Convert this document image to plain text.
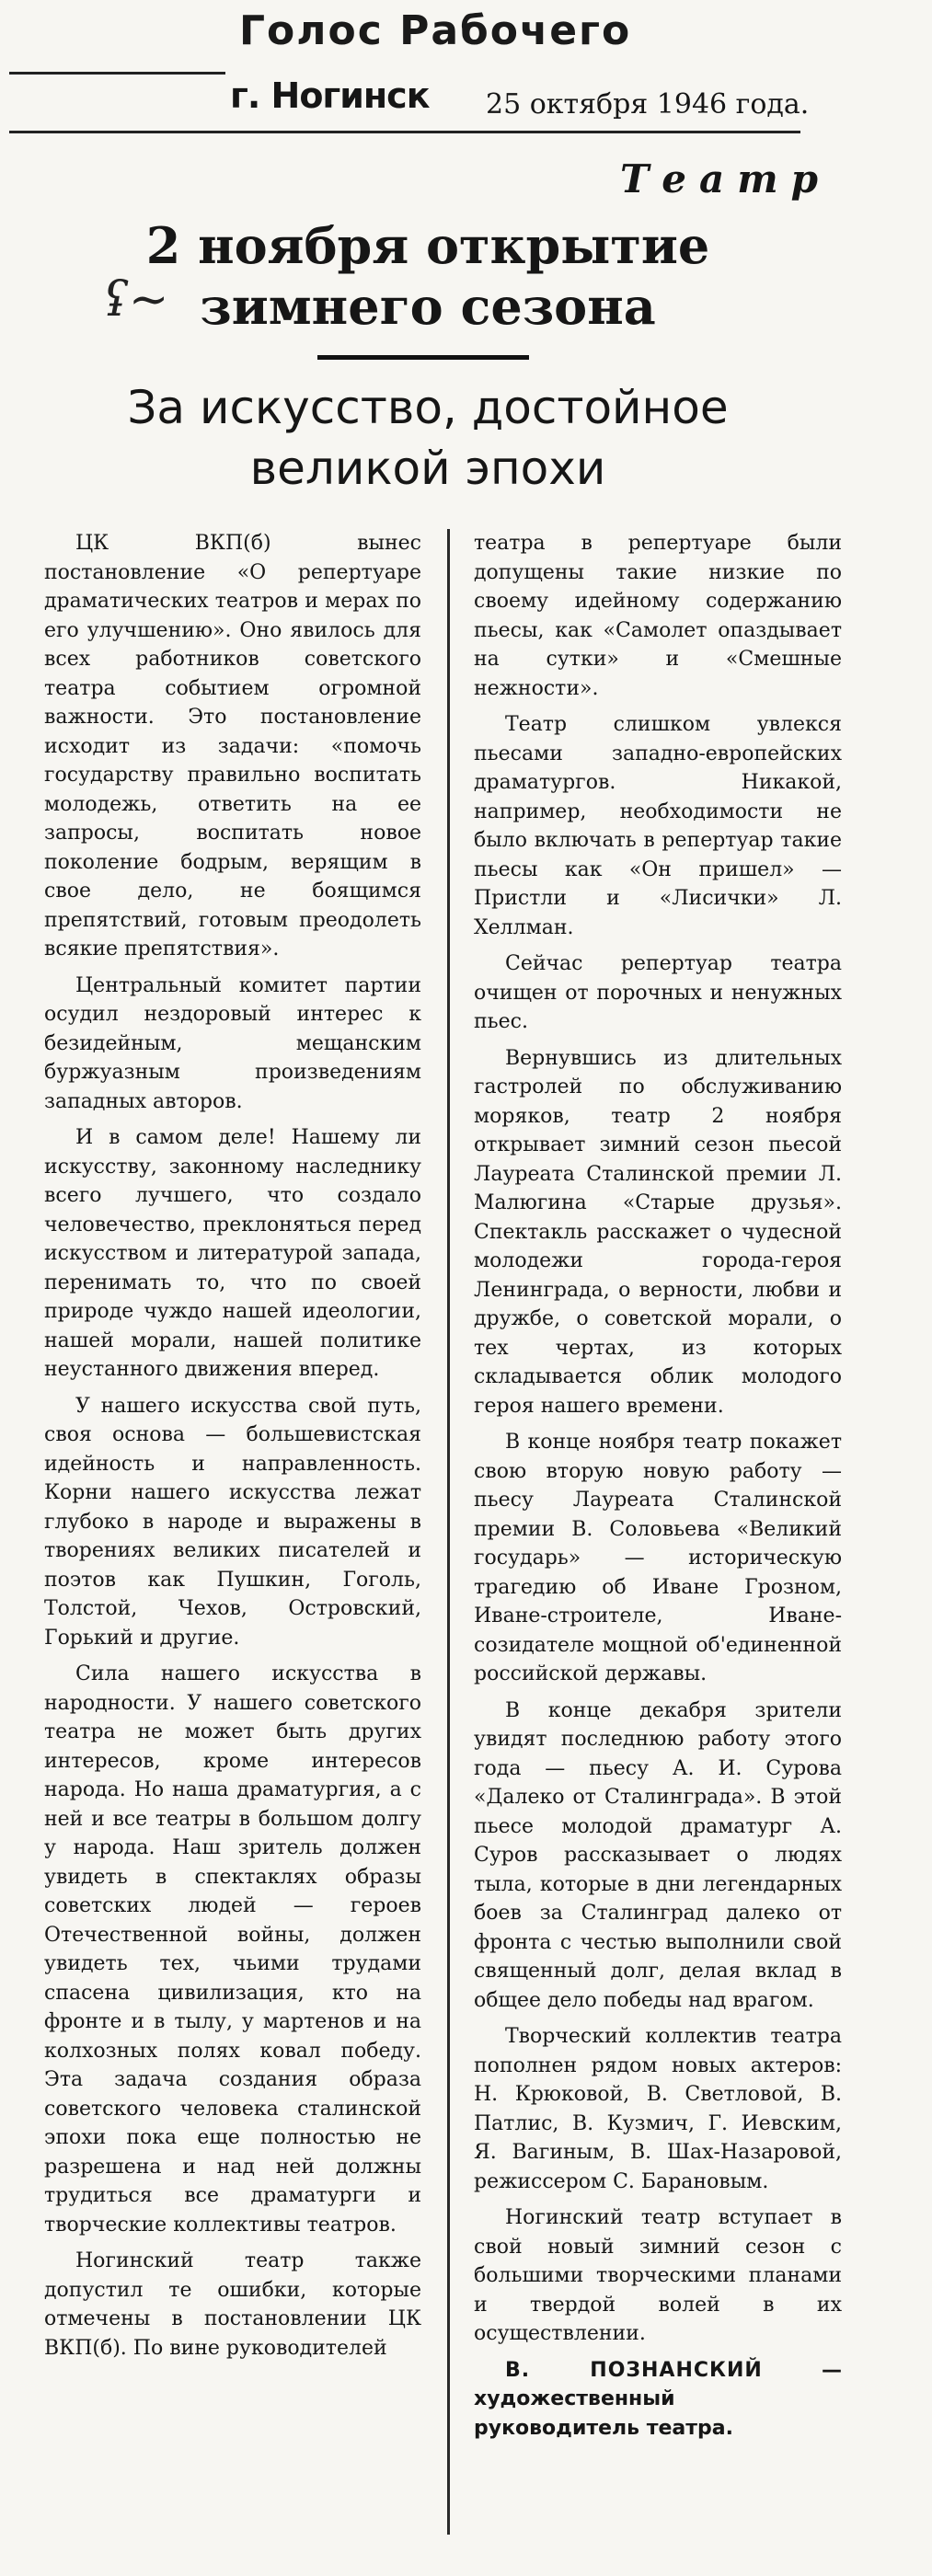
Голос Рабочего
г. Ногинск 25 октября 1946 года.
Театр
ʢ~
2 ноября открытие зимнего сезона
За искусство, достойное великой эпохи

ЦК ВКП(б) вынес постановление «О репертуаре драматических театров и мерах по его улучшению». Оно явилось для всех работников советского театра событием огромной важности. Это постановление исходит из задачи: «помочь государству правильно воспитать молодежь, ответить на ее запросы, воспитать новое поколение бодрым, верящим в свое дело, не боящимся препятствий, готовым преодолеть всякие препятствия».

Центральный комитет партии осудил нездоровый интерес к безидейным, мещанским буржуазным произведениям западных авторов.

И в самом деле! Нашему ли искусству, законному наследнику всего лучшего, что создало человечество, преклоняться перед искусством и литературой запада, перенимать то, что по своей природе чуждо нашей идеологии, нашей морали, нашей политике неустанного движения вперед.

У нашего искусства свой путь, своя основа — большевистская идейность и направленность. Корни нашего искусства лежат глубоко в народе и выражены в творениях великих писателей и поэтов как Пушкин, Гоголь, Толстой, Чехов, Островский, Горький и другие.

Сила нашего искусства в народности. У нашего советского театра не может быть других интересов, кроме интересов народа. Но наша драматургия, а с ней и все театры в большом долгу у народа. Наш зритель должен увидеть в спектаклях образы советских людей — героев Отечественной войны, должен увидеть тех, чьими трудами спасена цивилизация, кто на фронте и в тылу, у мартенов и на колхозных полях ковал победу. Эта задача создания образа советского человека сталинской эпохи пока еще полностью не разрешена и над ней должны трудиться все драматурги и творческие коллективы театров.

Ногинский театр также допустил те ошибки, которые отмечены в постановлении ЦК ВКП(б). По вине руководителей

театра в репертуаре были допущены такие низкие по своему идейному содержанию пьесы, как «Самолет опаздывает на сутки» и «Смешные нежности».

Театр слишком увлекся пьесами западно-европейских драматургов. Никакой, например, необходимости не было включать в репертуар такие пьесы как «Он пришел» — Пристли и «Лисички» Л. Хеллман.

Сейчас репертуар театра очищен от порочных и ненужных пьес.

Вернувшись из длительных гастролей по обслуживанию моряков, театр 2 ноября открывает зимний сезон пьесой Лауреата Сталинской премии Л. Малюгина «Старые друзья». Спектакль расскажет о чудесной молодежи города-героя Ленинграда, о верности, любви и дружбе, о советской морали, о тех чертах, из которых складывается облик молодого героя нашего времени.

В конце ноября театр покажет свою вторую новую работу — пьесу Лауреата Сталинской премии В. Соловьева «Великий государь» — историческую трагедию об Иване Грозном, Иване-строителе, Иване-созидателе мощной об'единенной российской державы.

В конце декабря зрители увидят последнюю работу этого года — пьесу А. И. Сурова «Далеко от Сталинграда». В этой пьесе молодой драматург А. Суров рассказывает о людях тыла, которые в дни легендарных боев за Сталинград далеко от фронта с честью выполнили свой священный долг, делая вклад в общее дело победы над врагом.

Творческий коллектив театра пополнен рядом новых актеров: Н. Крюковой, В. Светловой, В. Патлис, В. Кузмич, Г. Иевским, Я. Вагиным, В. Шах-Назаровой, режиссером С. Барановым.

Ногинский театр вступает в свой новый зимний сезон с большими творческими планами и твердой волей в их осуществлении.

В. ПОЗНАНСКИЙ	— художественный руководитель театра.
